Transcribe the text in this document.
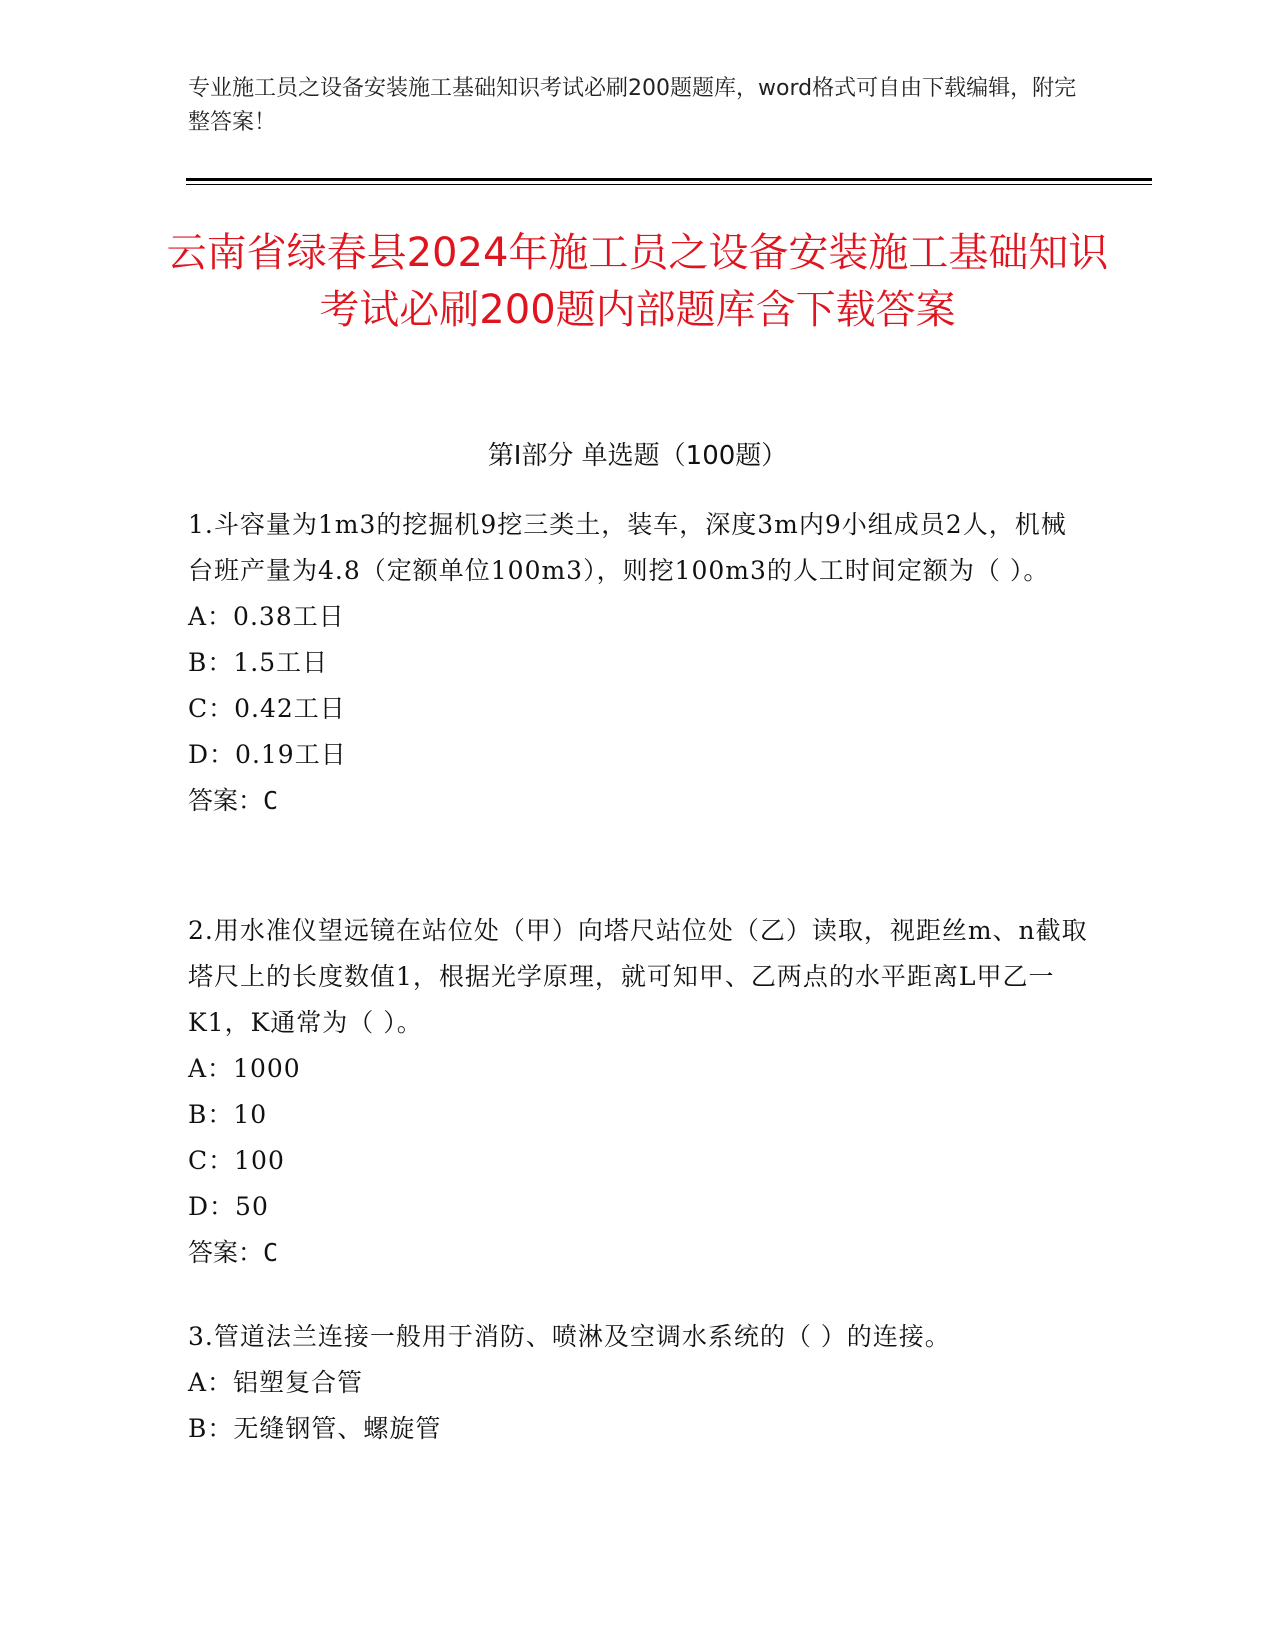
专业施工员之设备安装施工基础知识考试必刷200题题库，word格式可自由下载编辑，附完整答案！
云南省绿春县2024年施工员之设备安装施工基础知识考试必刷200题内部题库含下载答案
第Ⅰ部分 单选题（100题）

1.斗容量为1m3的挖掘机9挖三类土，装车，深度3m内9小组成员2人，机械台班产量为4.8（定额单位100m3），则挖100m3的人工时间定额为（ ）。

A：0.38工日

B：1.5工日

C：0.42工日

D：0.19工日

答案：C

2.用水准仪望远镜在站位处（甲）向塔尺站位处（乙）读取，视距丝m、n截取塔尺上的长度数值1，根据光学原理，就可知甲、乙两点的水平距离L甲乙一K1，K通常为（ ）。

A：1000

B：10

C：100

D：50

答案：C

3.管道法兰连接一般用于消防、喷淋及空调水系统的（ ）的连接。

A：铝塑复合管

B：无缝钢管、螺旋管
